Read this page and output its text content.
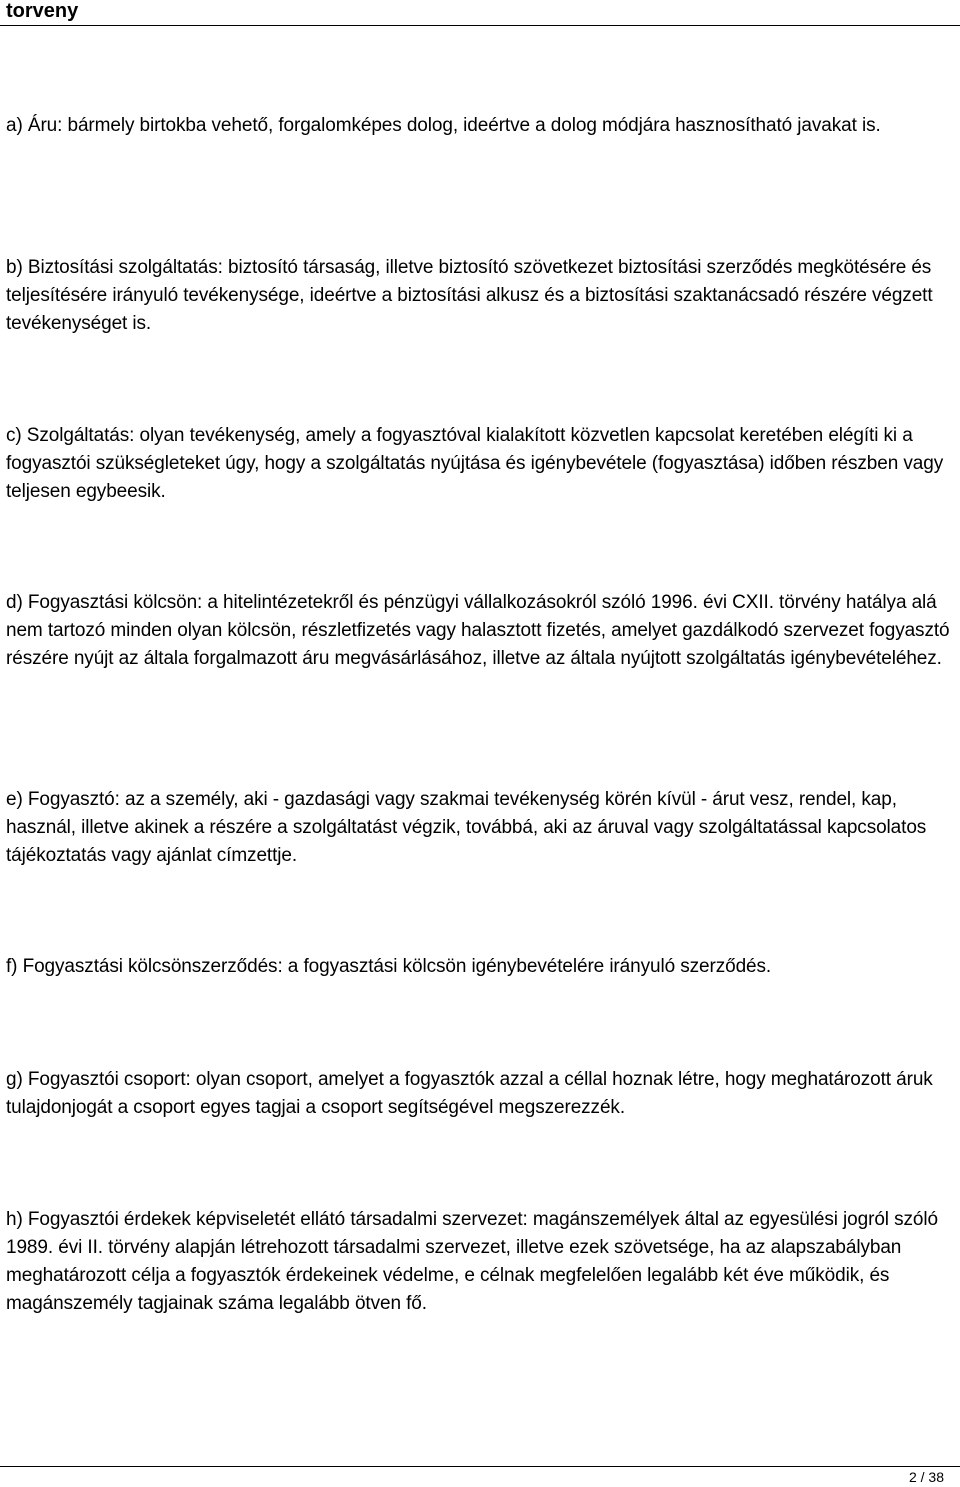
torveny

a) Áru: bármely birtokba vehető, forgalomképes dolog, ideértve a dolog módjára hasznosítható javakat is.

b) Biztosítási szolgáltatás: biztosító társaság, illetve biztosító szövetkezet biztosítási szerződés megkötésére és teljesítésére irányuló tevékenysége, ideértve a biztosítási alkusz és a biztosítási szaktanácsadó részére végzett tevékenységet is.

c) Szolgáltatás: olyan tevékenység, amely a fogyasztóval kialakított közvetlen kapcsolat keretében elégíti ki a fogyasztói szükségleteket úgy, hogy a szolgáltatás nyújtása és igénybevétele (fogyasztása) időben részben vagy teljesen egybeesik.

d) Fogyasztási kölcsön: a hitelintézetekről és pénzügyi vállalkozásokról szóló 1996. évi CXII. törvény hatálya alá nem tartozó minden olyan kölcsön, részletfizetés vagy halasztott fizetés, amelyet gazdálkodó szervezet fogyasztó részére nyújt az általa forgalmazott áru megvásárlásához, illetve az általa nyújtott szolgáltatás igénybevételéhez.

e) Fogyasztó: az a személy, aki - gazdasági vagy szakmai tevékenység körén kívül - árut vesz, rendel, kap, használ, illetve akinek a részére a szolgáltatást végzik, továbbá, aki az áruval vagy szolgáltatással kapcsolatos tájékoztatás vagy ajánlat címzettje.

f) Fogyasztási kölcsönszerződés: a fogyasztási kölcsön igénybevételére irányuló szerződés.

g) Fogyasztói csoport: olyan csoport, amelyet a fogyasztók azzal a céllal hoznak létre, hogy meghatározott áruk tulajdonjogát a csoport egyes tagjai a csoport segítségével megszerezzék.

h) Fogyasztói érdekek képviseletét ellátó társadalmi szervezet: magánszemélyek által az egyesülési jogról szóló 1989. évi II. törvény alapján létrehozott társadalmi szervezet, illetve ezek szövetsége, ha az alapszabályban meghatározott célja a fogyasztók érdekeinek védelme, e célnak megfelelően legalább két éve működik, és magánszemély tagjainak száma legalább ötven fő.

2 / 38
